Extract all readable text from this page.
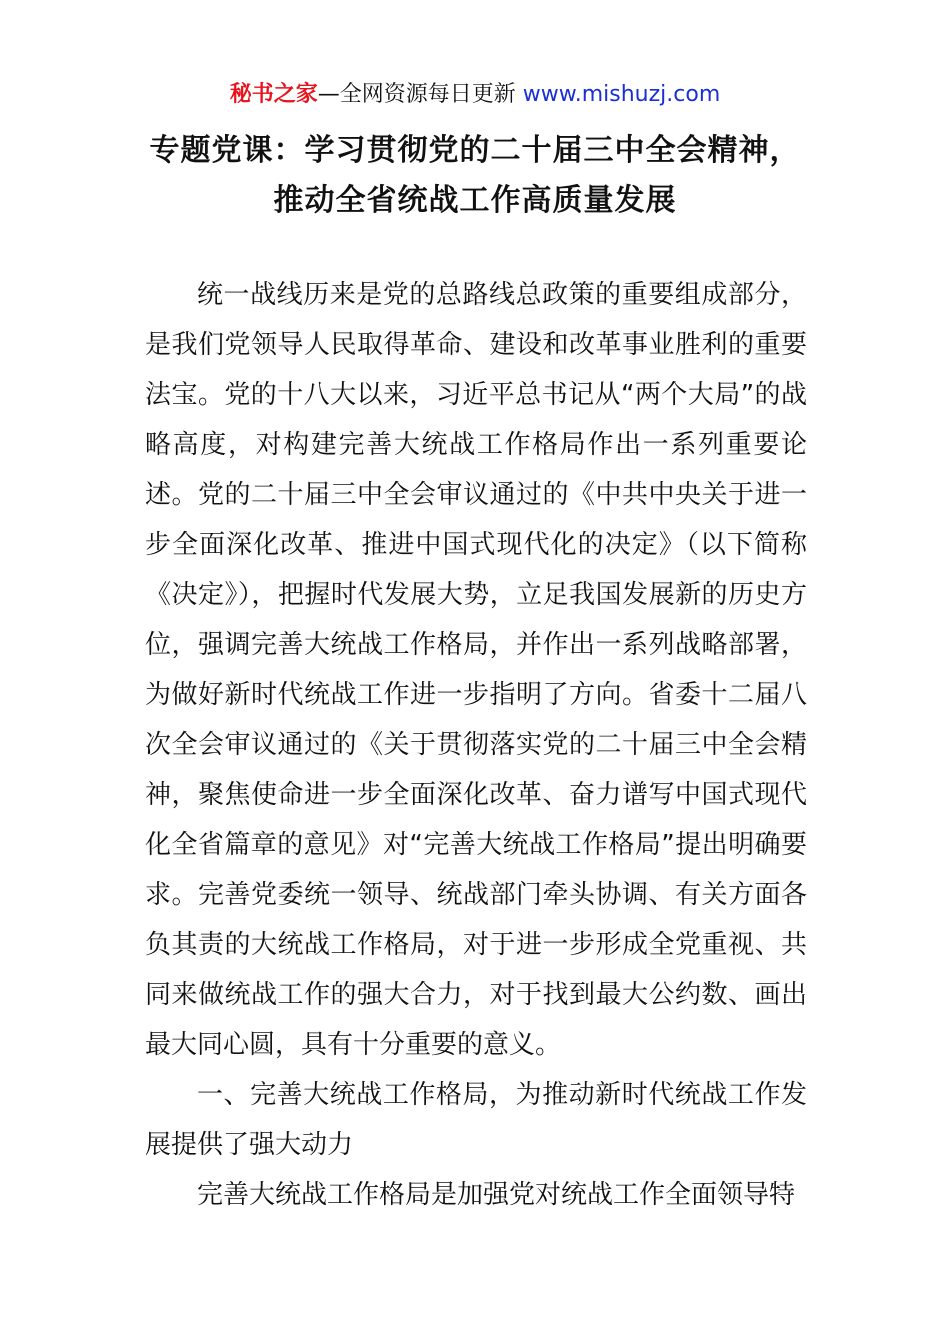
秘书之家—全网资源每日更新 www.mishuzj.com
专题党课：学习贯彻党的二十届三中全会精神，推动全省统战工作高质量发展

统一战线历来是党的总路线总政策的重要组成部分，是我们党领导人民取得革命、建设和改革事业胜利的重要法宝。党的十八大以来，习近平总书记从“两个大局”的战略高度，对构建完善大统战工作格局作出一系列重要论述。党的二十届三中全会审议通过的《中共中央关于进一步全面深化改革、推进中国式现代化的决定》（以下简称《决定》），把握时代发展大势，立足我国发展新的历史方位，强调完善大统战工作格局，并作出一系列战略部署，为做好新时代统战工作进一步指明了方向。省委十二届八次全会审议通过的《关于贯彻落实党的二十届三中全会精神，聚焦使命进一步全面深化改革、奋力谱写中国式现代化全省篇章的意见》对“完善大统战工作格局”提出明确要求。完善党委统一领导、统战部门牵头协调、有关方面各负其责的大统战工作格局，对于进一步形成全党重视、共同来做统战工作的强大合力，对于找到最大公约数、画出最大同心圆，具有十分重要的意义。

一、完善大统战工作格局，为推动新时代统战工作发展提供了强大动力

完善大统战工作格局是加强党对统战工作全面领导特
